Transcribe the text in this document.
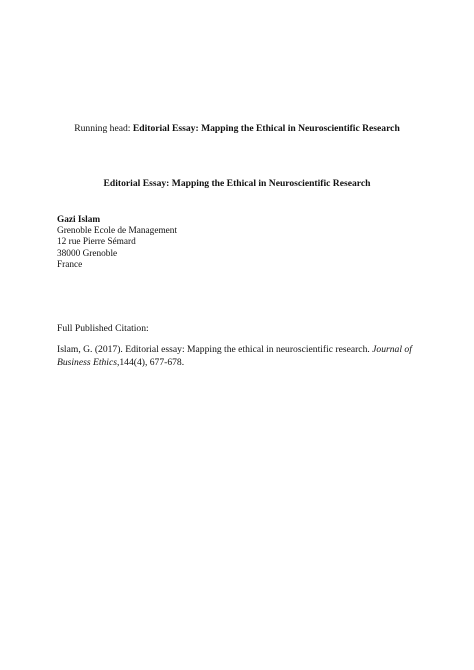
Running head: Editorial Essay: Mapping the Ethical in Neuroscientific Research
Editorial Essay: Mapping the Ethical in Neuroscientific Research
Gazi Islam
Grenoble Ecole de Management
12 rue Pierre Sémard
38000 Grenoble
France
Full Published Citation:
Islam, G. (2017). Editorial essay: Mapping the ethical in neuroscientific research. Journal of Business Ethics,144(4), 677-678.
